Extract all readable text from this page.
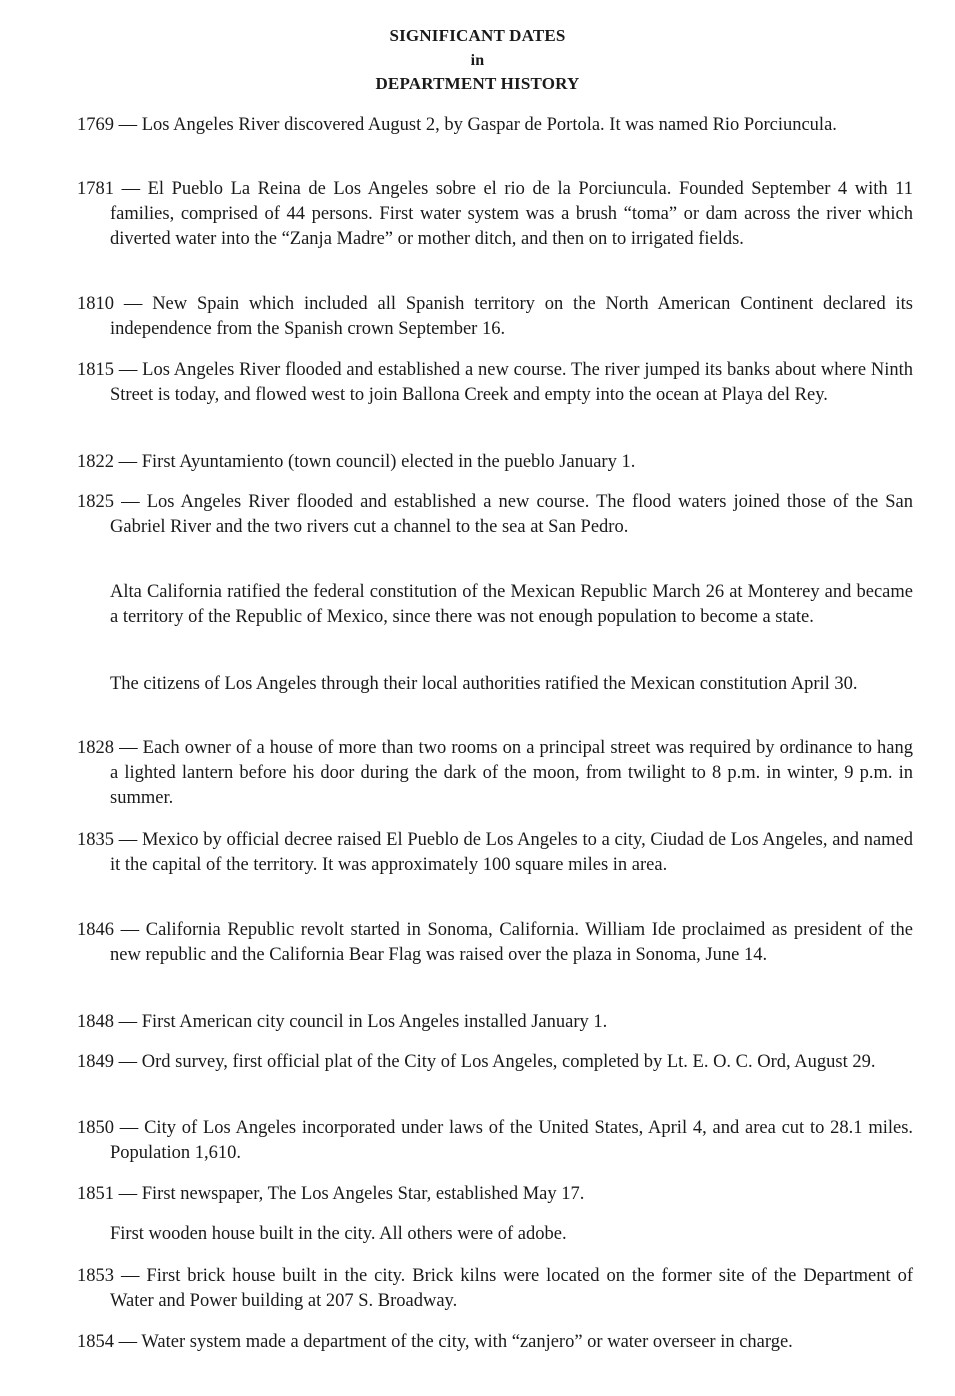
SIGNIFICANT DATES
in
DEPARTMENT HISTORY
1769 — Los Angeles River discovered August 2, by Gaspar de Portola. It was named Rio Porciuncula.
1781 — El Pueblo La Reina de Los Angeles sobre el rio de la Porciuncula. Founded September 4 with 11 families, comprised of 44 persons. First water system was a brush “toma” or dam across the river which diverted water into the “Zanja Madre” or mother ditch, and then on to irrigated fields.
1810 — New Spain which included all Spanish territory on the North American Continent declared its independence from the Spanish crown September 16.
1815 — Los Angeles River flooded and established a new course. The river jumped its banks about where Ninth Street is today, and flowed west to join Ballona Creek and empty into the ocean at Playa del Rey.
1822 — First Ayuntamiento (town council) elected in the pueblo January 1.
1825 — Los Angeles River flooded and established a new course. The flood waters joined those of the San Gabriel River and the two rivers cut a channel to the sea at San Pedro.
Alta California ratified the federal constitution of the Mexican Republic March 26 at Monterey and became a territory of the Republic of Mexico, since there was not enough population to become a state.
The citizens of Los Angeles through their local authorities ratified the Mexican constitution April 30.
1828 — Each owner of a house of more than two rooms on a principal street was required by ordinance to hang a lighted lantern before his door during the dark of the moon, from twilight to 8 p.m. in winter, 9 p.m. in summer.
1835 — Mexico by official decree raised El Pueblo de Los Angeles to a city, Ciudad de Los Angeles, and named it the capital of the territory. It was approximately 100 square miles in area.
1846 — California Republic revolt started in Sonoma, California. William Ide proclaimed as president of the new republic and the California Bear Flag was raised over the plaza in Sonoma, June 14.
1848 — First American city council in Los Angeles installed January 1.
1849 — Ord survey, first official plat of the City of Los Angeles, completed by Lt. E. O. C. Ord, August 29.
1850 — City of Los Angeles incorporated under laws of the United States, April 4, and area cut to 28.1 miles. Population 1,610.
1851 — First newspaper, The Los Angeles Star, established May 17.
First wooden house built in the city. All others were of adobe.
1853 — First brick house built in the city. Brick kilns were located on the former site of the Department of Water and Power building at 207 S. Broadway.
1854 — Water system made a department of the city, with “zanjero” or water overseer in charge.
